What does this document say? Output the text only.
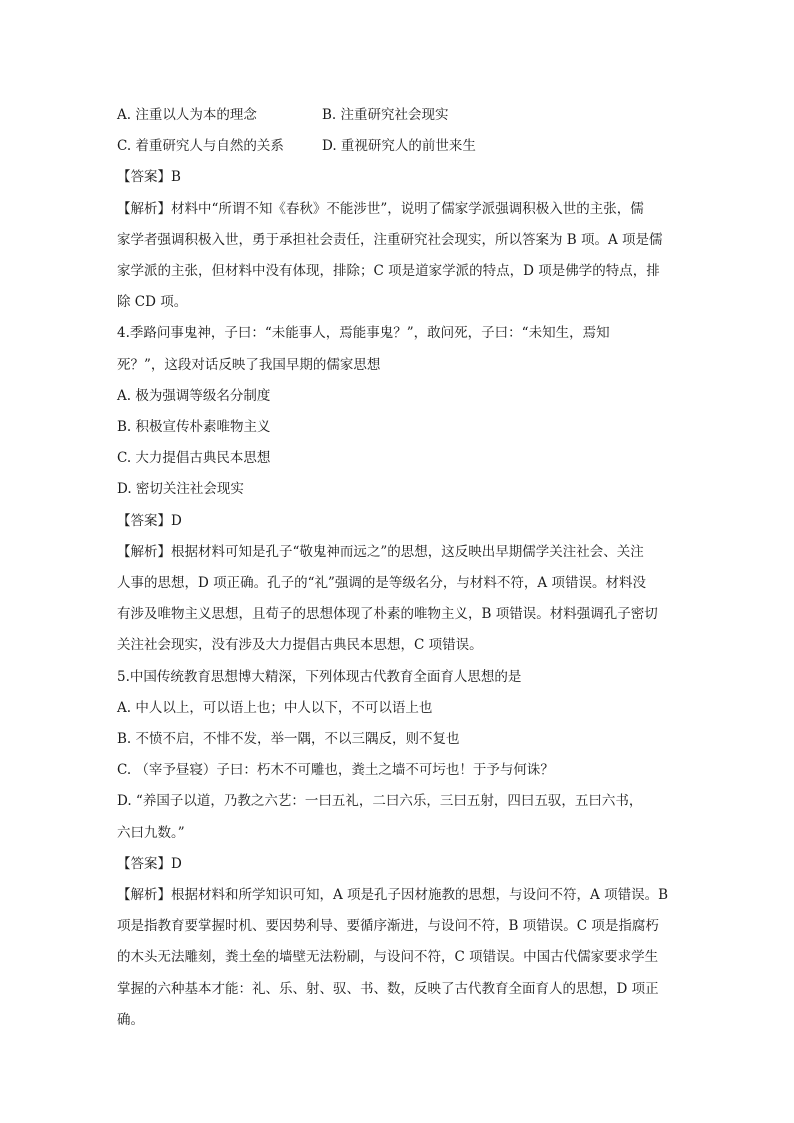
A. 注重以人为本的理念	B. 注重研究社会现实
C. 着重研究人与自然的关系	D. 重视研究人的前世来生
【答案】B
【解析】材料中“所谓不知《春秋》不能涉世”，说明了儒家学派强调积极入世的主张，儒
家学者强调积极入世，勇于承担社会责任，注重研究社会现实，所以答案为 B 项。A 项是儒
家学派的主张，但材料中没有体现，排除；C 项是道家学派的特点，D 项是佛学的特点，排
除 CD 项。
4.季路问事鬼神，子曰：“未能事人，焉能事鬼？”，敢问死，子曰：“未知生，焉知
死？”，这段对话反映了我国早期的儒家思想
A. 极为强调等级名分制度
B. 积极宣传朴素唯物主义
C. 大力提倡古典民本思想
D. 密切关注社会现实
【答案】D
【解析】根据材料可知是孔子“敬鬼神而远之”的思想，这反映出早期儒学关注社会、关注
人事的思想，D 项正确。孔子的“礼”强调的是等级名分，与材料不符，A 项错误。材料没
有涉及唯物主义思想，且荀子的思想体现了朴素的唯物主义，B 项错误。材料强调孔子密切
关注社会现实，没有涉及大力提倡古典民本思想，C 项错误。
5.中国传统教育思想博大精深，下列体现古代教育全面育人思想的是
A. 中人以上，可以语上也；中人以下，不可以语上也
B. 不愤不启，不悱不发，举一隅，不以三隅反，则不复也
C. （宰予昼寝）子曰：朽木不可雕也，粪土之墙不可圬也！于予与何诛？
D. “养国子以道，乃教之六艺：一曰五礼，二曰六乐，三曰五射，四曰五驭，五曰六书，
六曰九数。”
【答案】D
【解析】根据材料和所学知识可知，A 项是孔子因材施教的思想，与设问不符，A 项错误。B
项是指教育要掌握时机、要因势利导、要循序渐进，与设问不符，B 项错误。C 项是指腐朽
的木头无法雕刻，粪土垒的墙壁无法粉刷，与设问不符，C 项错误。中国古代儒家要求学生
掌握的六种基本才能：礼、乐、射、驭、书、数，反映了古代教育全面育人的思想，D 项正
确。
